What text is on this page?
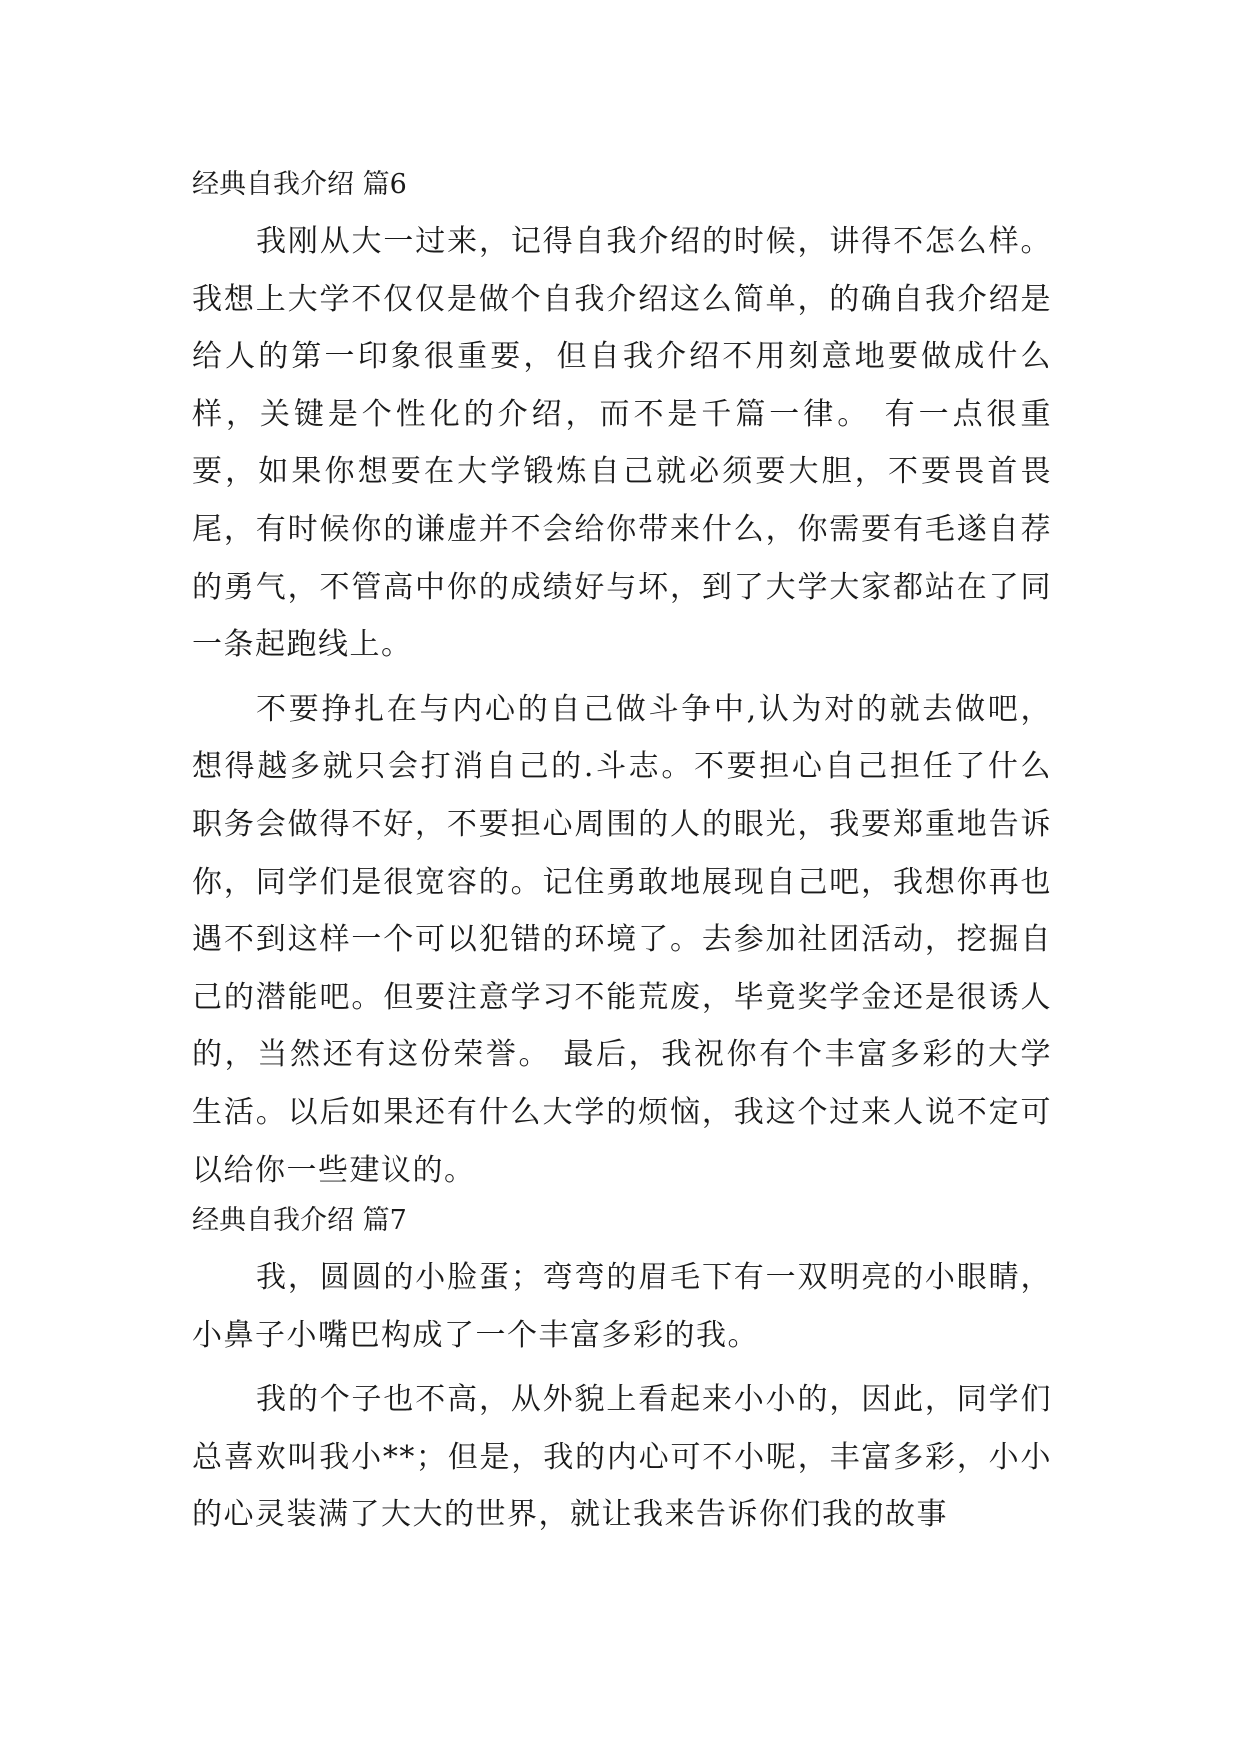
经典自我介绍 篇6

我刚从大一过来，记得自我介绍的时候，讲得不怎么样。我想上大学不仅仅是做个自我介绍这么简单，的确自我介绍是给人的第一印象很重要，但自我介绍不用刻意地要做成什么样，关键是个性化的介绍，而不是千篇一律。 有一点很重要，如果你想要在大学锻炼自己就必须要大胆，不要畏首畏尾，有时候你的谦虚并不会给你带来什么，你需要有毛遂自荐的勇气，不管高中你的成绩好与坏，到了大学大家都站在了同一条起跑线上。

不要挣扎在与内心的自己做斗争中,认为对的就去做吧，想得越多就只会打消自己的.斗志。不要担心自己担任了什么职务会做得不好，不要担心周围的人的眼光，我要郑重地告诉你，同学们是很宽容的。记住勇敢地展现自己吧，我想你再也遇不到这样一个可以犯错的环境了。去参加社团活动，挖掘自己的潜能吧。但要注意学习不能荒废，毕竟奖学金还是很诱人的，当然还有这份荣誉。 最后，我祝你有个丰富多彩的大学生活。以后如果还有什么大学的烦恼，我这个过来人说不定可以给你一些建议的。

经典自我介绍 篇7

我，圆圆的小脸蛋；弯弯的眉毛下有一双明亮的小眼睛，小鼻子小嘴巴构成了一个丰富多彩的我。

我的个子也不高，从外貌上看起来小小的，因此，同学们总喜欢叫我小**；但是，我的内心可不小呢，丰富多彩，小小的心灵装满了大大的世界，就让我来告诉你们我的故事
